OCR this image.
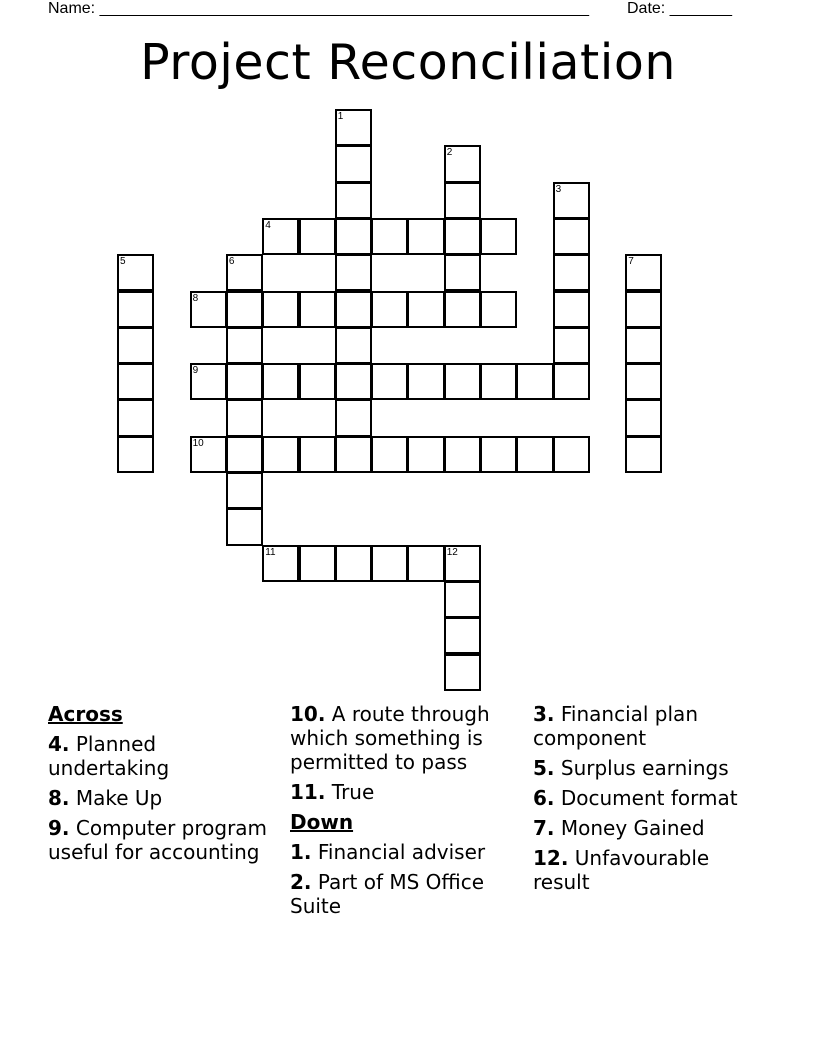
Name: _______________________________________________________ Date: _______
Project Reconciliation
1
2
3
4
5	6	7
8
9
10
11	12
Across
4. Planned undertaking
8. Make Up
9. Computer program useful for accounting
10. A route through which something is permitted to pass
11. True
Down
1. Financial adviser
2. Part of MS Office Suite
3. Financial plan component
5. Surplus earnings
6. Document format
7. Money Gained
12. Unfavourable result
